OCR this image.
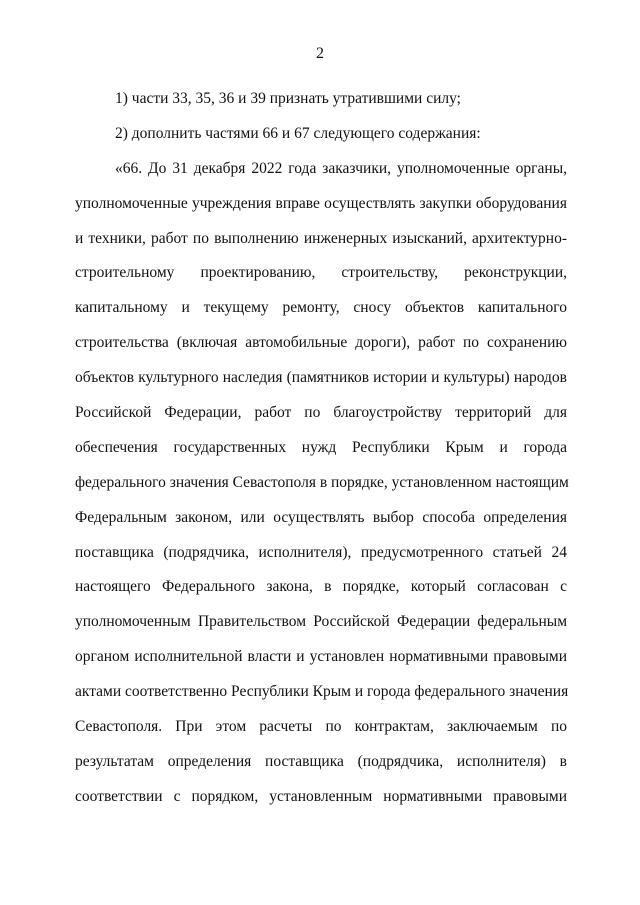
2
1) части 33, 35, 36 и 39 признать утратившими силу;
2) дополнить частями 66 и 67 следующего содержания:
«66. До 31 декабря 2022 года заказчики, уполномоченные органы,
уполномоченные учреждения вправе осуществлять закупки оборудования
и техники, работ по выполнению инженерных изысканий, архитектурно-
строительному проектированию, строительству, реконструкции,
капитальному и текущему ремонту, сносу объектов капитального
строительства (включая автомобильные дороги), работ по сохранению
объектов культурного наследия (памятников истории и культуры) народов
Российской Федерации, работ по благоустройству территорий для
обеспечения государственных нужд Республики Крым и города
федерального значения Севастополя в порядке, установленном настоящим
Федеральным законом, или осуществлять выбор способа определения
поставщика (подрядчика, исполнителя), предусмотренного статьей 24
настоящего Федерального закона, в порядке, который согласован с
уполномоченным Правительством Российской Федерации федеральным
органом исполнительной власти и установлен нормативными правовыми
актами соответственно Республики Крым и города федерального значения
Севастополя. При этом расчеты по контрактам, заключаемым по
результатам определения поставщика (подрядчика, исполнителя) в
соответствии с порядком, установленным нормативными правовыми
